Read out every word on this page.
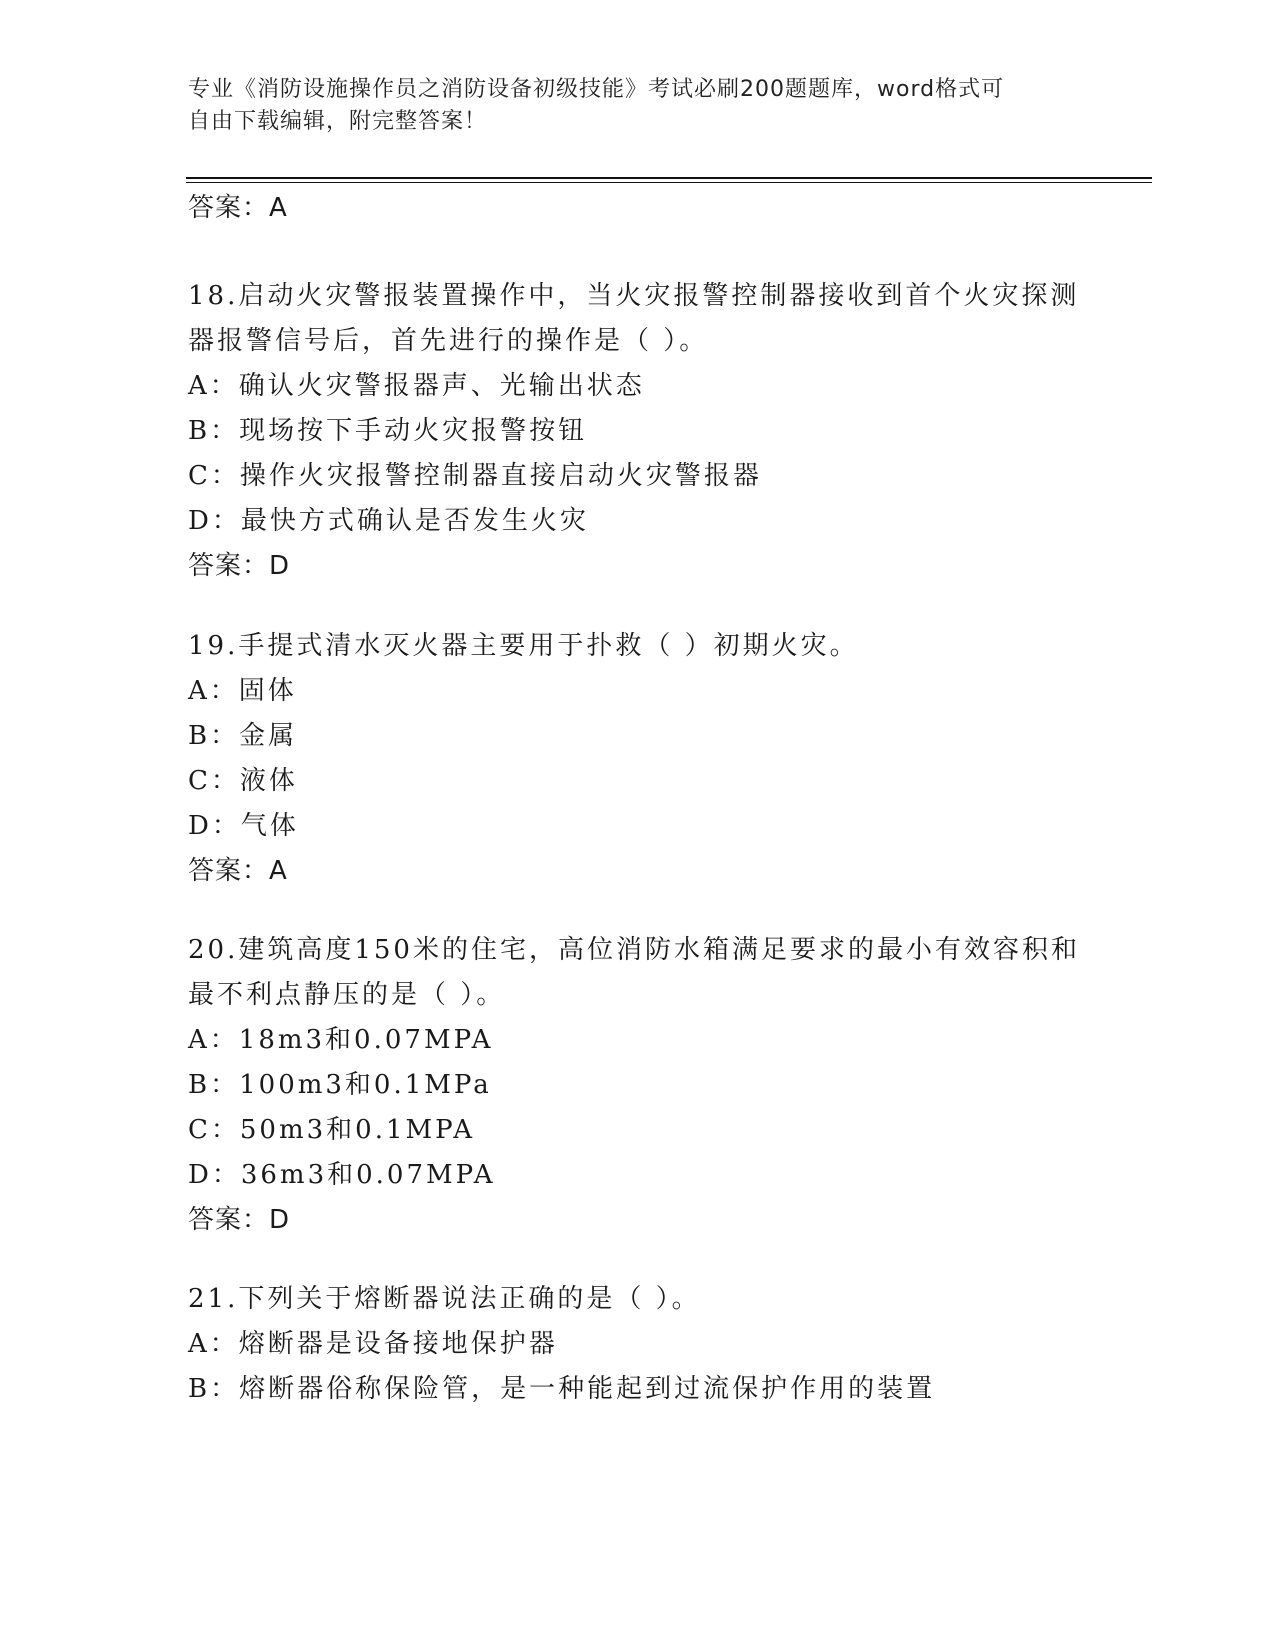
专业《消防设施操作员之消防设备初级技能》考试必刷200题题库，word格式可
自由下载编辑，附完整答案！
答案：A
18.启动火灾警报装置操作中，当火灾报警控制器接收到首个火灾探测
器报警信号后，首先进行的操作是（ ）。
A：确认火灾警报器声、光输出状态
B：现场按下手动火灾报警按钮
C：操作火灾报警控制器直接启动火灾警报器
D：最快方式确认是否发生火灾
答案：D
19.手提式清水灭火器主要用于扑救（ ）初期火灾。
A：固体
B：金属
C：液体
D：气体
答案：A
20.建筑高度150米的住宅，高位消防水箱满足要求的最小有效容积和
最不利点静压的是（ ）。
A：18m3和0.07MPA
B：100m3和0.1MPa
C：50m3和0.1MPA
D：36m3和0.07MPA
答案：D
21.下列关于熔断器说法正确的是（ ）。
A：熔断器是设备接地保护器
B：熔断器俗称保险管，是一种能起到过流保护作用的装置
